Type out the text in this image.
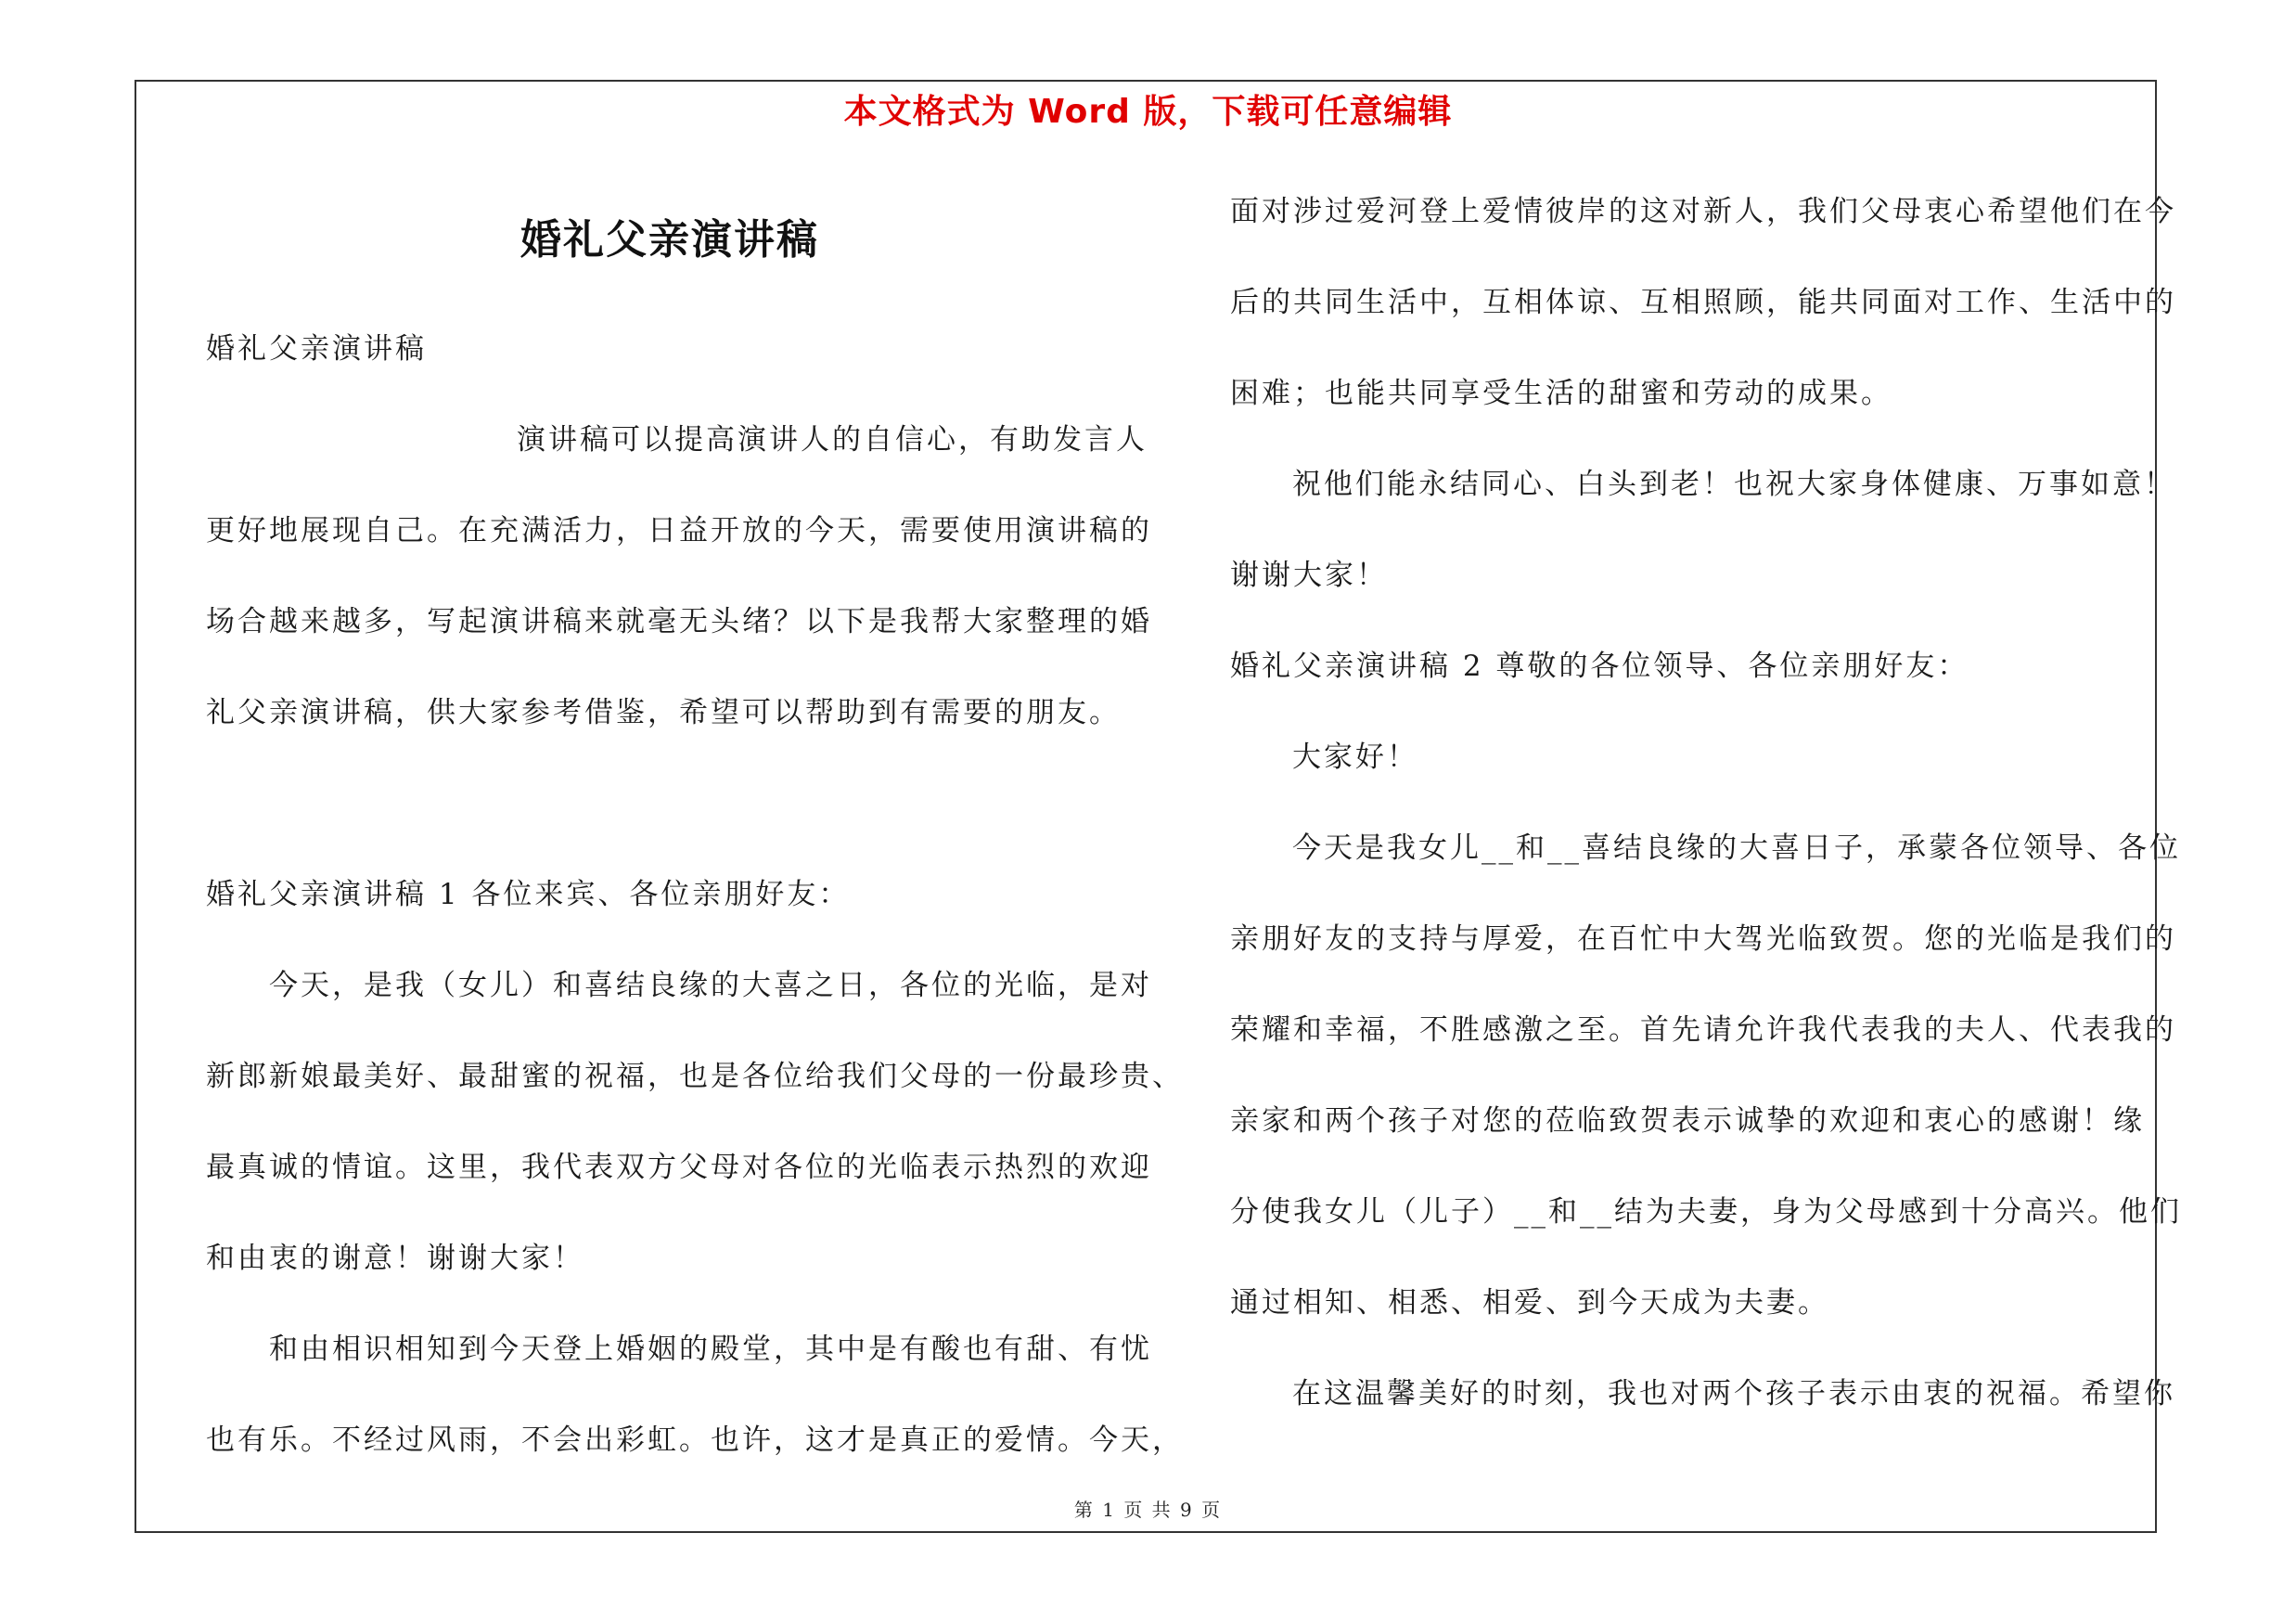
本文格式为 Word 版，下载可任意编辑
婚礼父亲演讲稿
婚礼父亲演讲稿
演讲稿可以提高演讲人的自信心，有助发言人
更好地展现自己。在充满活力，日益开放的今天，需要使用演讲稿的
场合越来越多，写起演讲稿来就毫无头绪？以下是我帮大家整理的婚
礼父亲演讲稿，供大家参考借鉴，希望可以帮助到有需要的朋友。
婚礼父亲演讲稿 1 各位来宾、各位亲朋好友：
今天，是我（女儿）和喜结良缘的大喜之日，各位的光临，是对
新郎新娘最美好、最甜蜜的祝福，也是各位给我们父母的一份最珍贵、
最真诚的情谊。这里，我代表双方父母对各位的光临表示热烈的欢迎
和由衷的谢意！谢谢大家！
和由相识相知到今天登上婚姻的殿堂，其中是有酸也有甜、有忧
也有乐。不经过风雨，不会出彩虹。也许，这才是真正的爱情。今天，
面对涉过爱河登上爱情彼岸的这对新人，我们父母衷心希望他们在今
后的共同生活中，互相体谅、互相照顾，能共同面对工作、生活中的
困难；也能共同享受生活的甜蜜和劳动的成果。
祝他们能永结同心、白头到老！也祝大家身体健康、万事如意！
谢谢大家！
婚礼父亲演讲稿 2 尊敬的各位领导、各位亲朋好友：
大家好！
今天是我女儿__和__喜结良缘的大喜日子，承蒙各位领导、各位
亲朋好友的支持与厚爱，在百忙中大驾光临致贺。您的光临是我们的
荣耀和幸福，不胜感激之至。首先请允许我代表我的夫人、代表我的
亲家和两个孩子对您的莅临致贺表示诚挚的欢迎和衷心的感谢！缘
分使我女儿（儿子）__和__结为夫妻，身为父母感到十分高兴。他们
通过相知、相悉、相爱、到今天成为夫妻。
在这温馨美好的时刻，我也对两个孩子表示由衷的祝福。希望你
第 1 页 共 9 页
